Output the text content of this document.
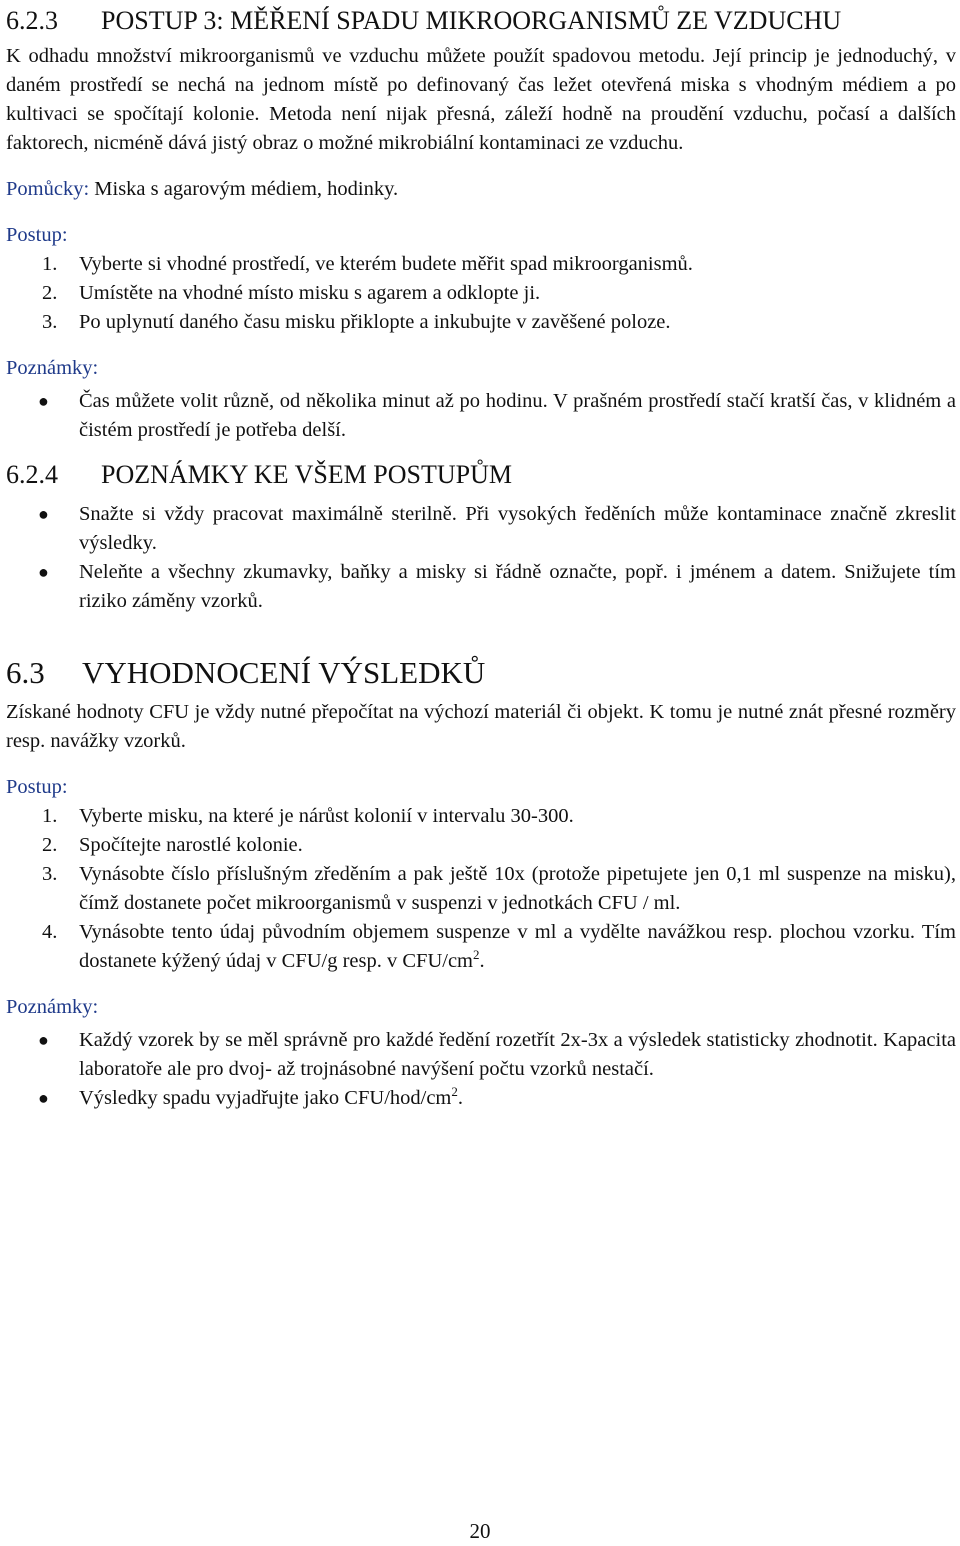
6.2.3	POSTUP 3: MĚŘENÍ SPADU MIKROORGANISMŮ ZE VZDUCHU

K odhadu množství mikroorganismů ve vzduchu můžete použít spadovou metodu. Její princip je jednoduchý, v daném prostředí se nechá na jednom místě po definovaný čas ležet otevřená miska s vhodným médiem a po kultivaci se spočítají kolonie. Metoda není nijak přesná, záleží hodně na proudění vzduchu, počasí a dalších faktorech, nicméně dává jistý obraz o možné mikrobiální kontaminaci ze vzduchu.

Pomůcky: Miska s agarovým médiem, hodinky.

Postup:

1.	Vyberte si vhodné prostředí, ve kterém budete měřit spad mikroorganismů.
2.	Umístěte na vhodné místo misku s agarem a odklopte ji.
3.	Po uplynutí daného času misku přiklopte a inkubujte v zavěšené poloze.

Poznámky:

●	Čas můžete volit různě, od několika minut až po hodinu. V prašném prostředí stačí kratší čas, v klidném a čistém prostředí je potřeba delší.
6.2.4	POZNÁMKY KE VŠEM POSTUPŮM
●	Snažte si vždy pracovat maximálně sterilně. Při vysokých ředěních může kontaminace značně zkreslit výsledky.
●	Neleňte a všechny zkumavky, baňky a misky si řádně označte, popř. i jménem a datem. Snižujete tím riziko záměny vzorků.
6.3	VYHODNOCENÍ VÝSLEDKŮ

Získané hodnoty CFU je vždy nutné přepočítat na výchozí materiál či objekt. K tomu je nutné znát přesné rozměry resp. navážky vzorků.

Postup:

1.	Vyberte misku, na které je nárůst kolonií v intervalu 30-300.
2.	Spočítejte narostlé kolonie.
3.	Vynásobte číslo příslušným zředěním a pak ještě 10x (protože pipetujete jen 0,1 ml suspenze na misku), čímž dostanete počet mikroorganismů v suspenzi v jednotkách CFU / ml.
4.	Vynásobte tento údaj původním objemem suspenze v ml a vydělte navážkou resp. plochou vzorku. Tím dostanete kýžený údaj v CFU/g resp. v CFU/$cm^2$.

Poznámky:

●	Každý vzorek by se měl správně pro každé ředění rozetřít 2x-3x a výsledek statisticky zhodnotit. Kapacita laboratoře ale pro dvoj- až trojnásobné navýšení počtu vzorků nestačí.
●	Výsledky spadu vyjadřujte jako CFU/$hod/cm^2$.
20
